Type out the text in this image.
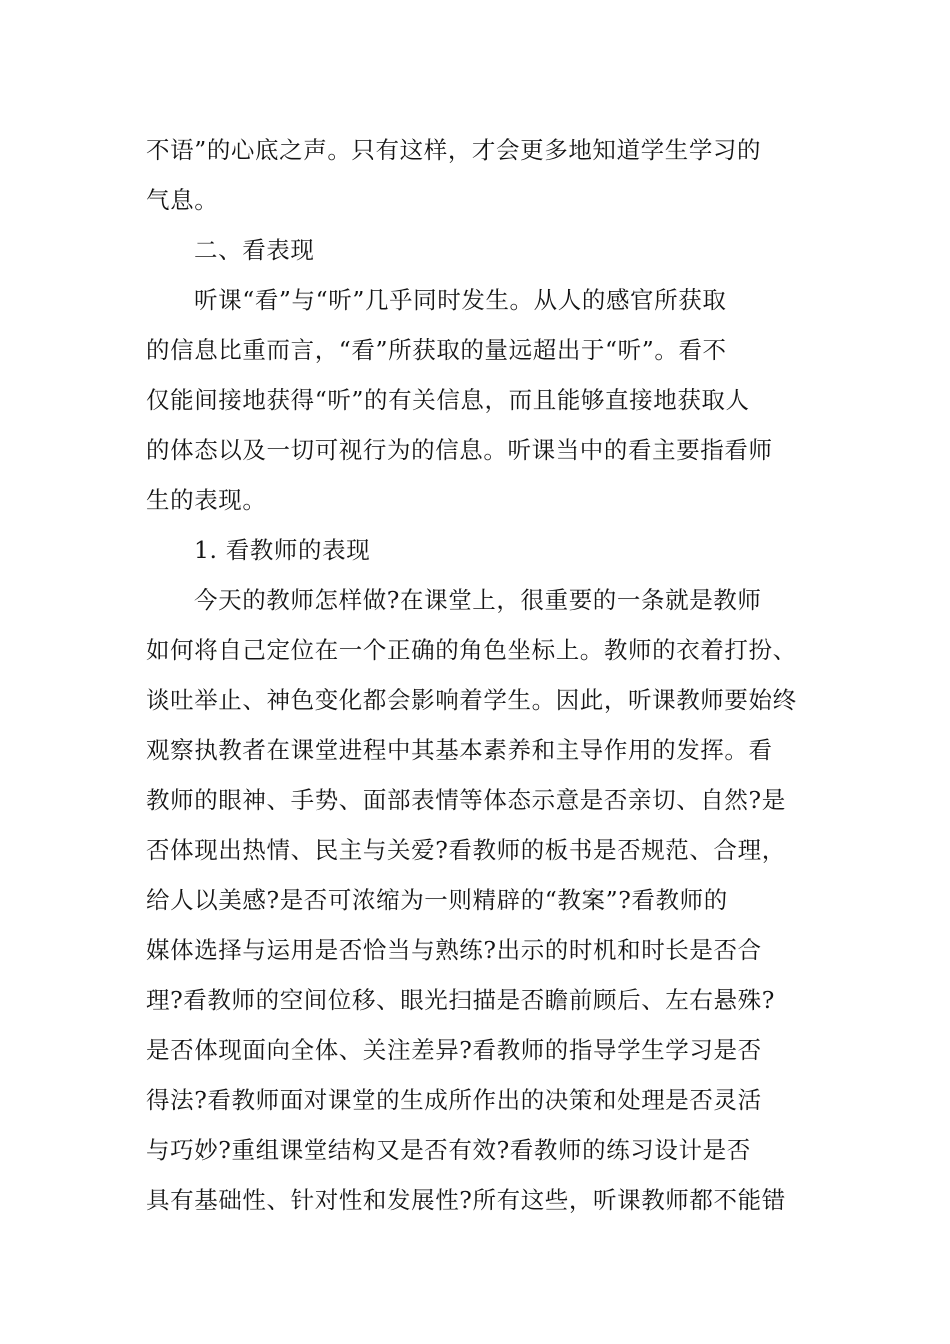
不语”的心底之声。只有这样，才会更多地知道学生学习的
气息。
二、看表现
听课“看”与“听”几乎同时发生。从人的感官所获取
的信息比重而言，“看”所获取的量远超出于“听”。看不
仅能间接地获得“听”的有关信息，而且能够直接地获取人
的体态以及一切可视行为的信息。听课当中的看主要指看师
生的表现。
1. 看教师的表现
今天的教师怎样做?在课堂上，很重要的一条就是教师
如何将自己定位在一个正确的角色坐标上。教师的衣着打扮、
谈吐举止、神色变化都会影响着学生。因此，听课教师要始终
观察执教者在课堂进程中其基本素养和主导作用的发挥。看
教师的眼神、手势、面部表情等体态示意是否亲切、自然?是
否体现出热情、民主与关爱?看教师的板书是否规范、合理，
给人以美感?是否可浓缩为一则精辟的“教案”?看教师的
媒体选择与运用是否恰当与熟练?出示的时机和时长是否合
理?看教师的空间位移、眼光扫描是否瞻前顾后、左右悬殊?
是否体现面向全体、关注差异?看教师的指导学生学习是否
得法?看教师面对课堂的生成所作出的决策和处理是否灵活
与巧妙?重组课堂结构又是否有效?看教师的练习设计是否
具有基础性、针对性和发展性?所有这些，听课教师都不能错
